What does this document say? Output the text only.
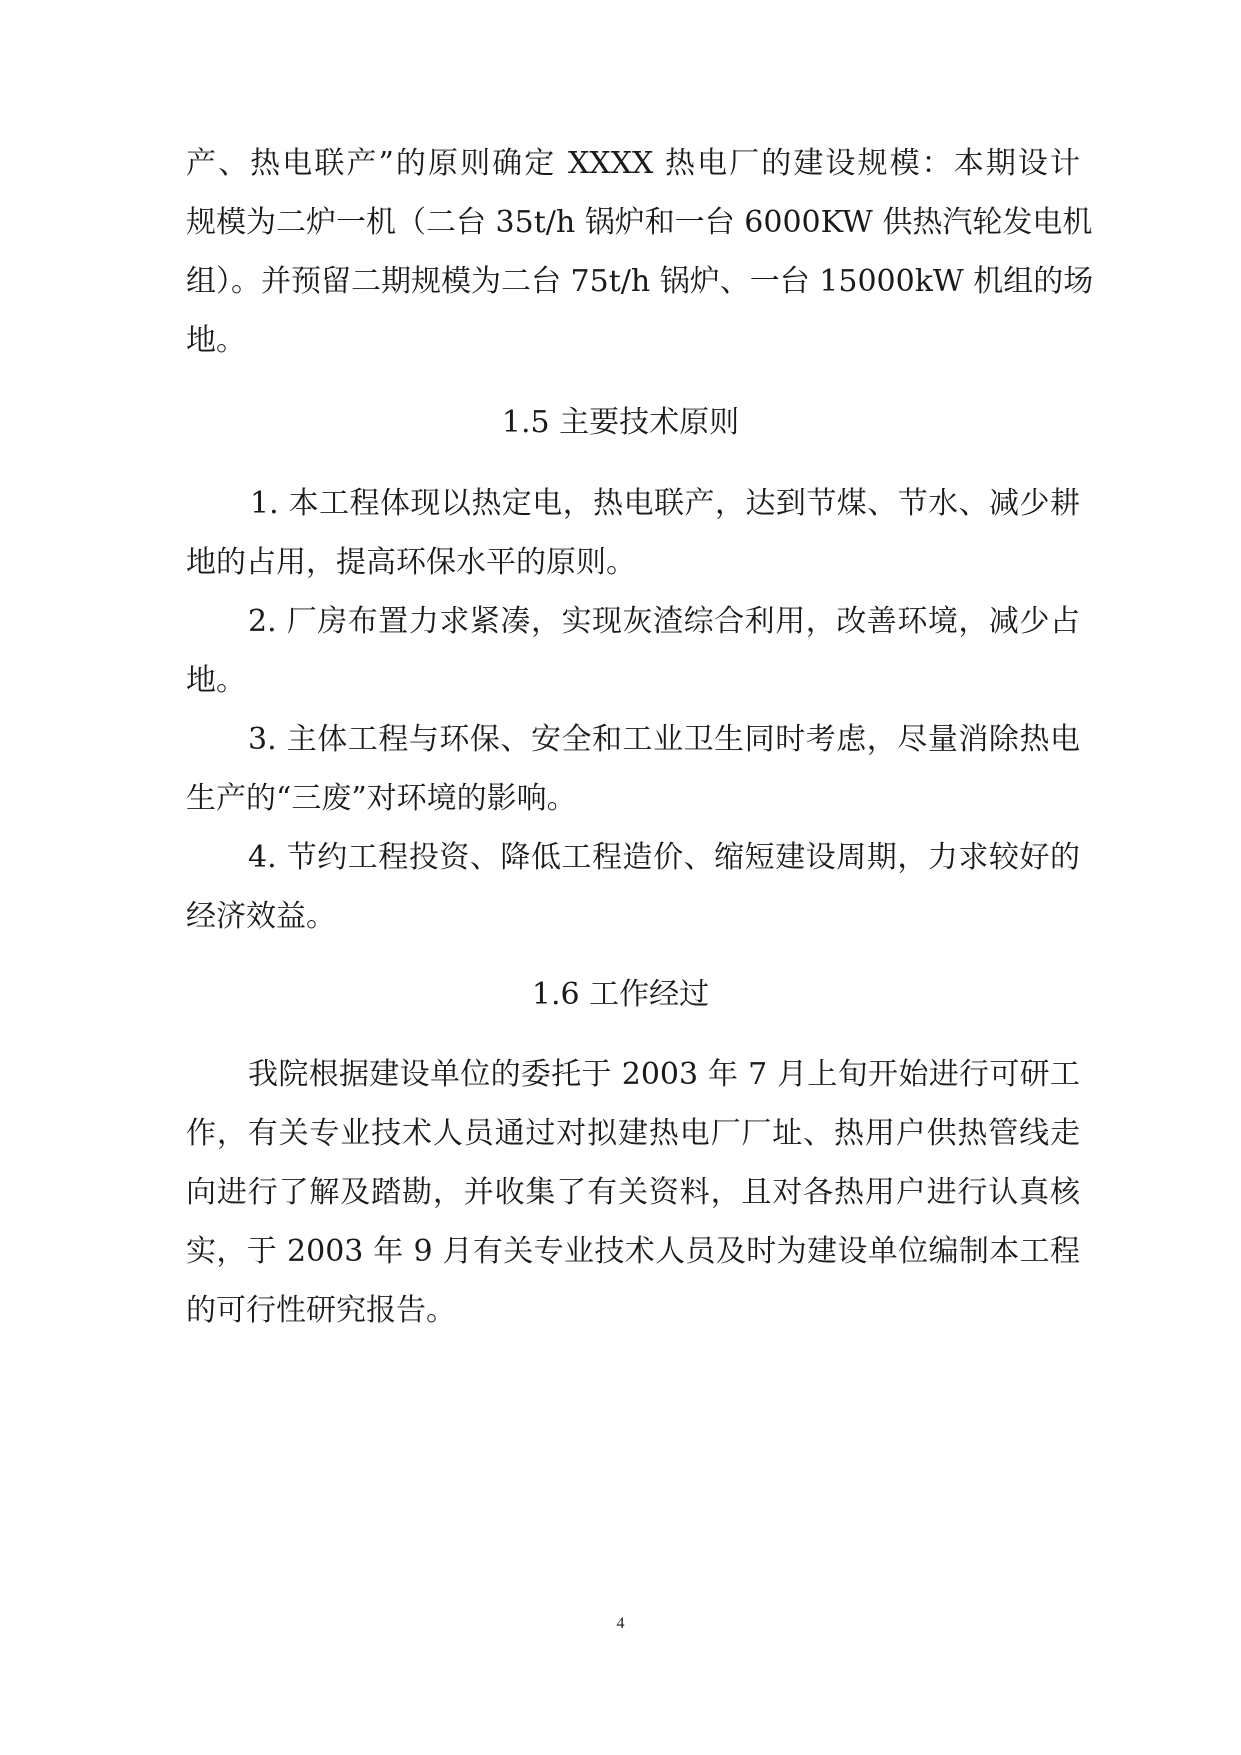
产、热电联产”的原则确定 XXXX 热电厂的建设规模：本期设计
规模为二炉一机（二台 35t/h 锅炉和一台 6000KW 供热汽轮发电机
组）。并预留二期规模为二台 75t/h 锅炉、一台 15000kW 机组的场
地。
1.5 主要技术原则
1. 本工程体现以热定电，热电联产，达到节煤、节水、减少耕
地的占用，提高环保水平的原则。
2. 厂房布置力求紧凑，实现灰渣综合利用，改善环境，减少占
地。
3. 主体工程与环保、安全和工业卫生同时考虑，尽量消除热电
生产的“三废”对环境的影响。
4. 节约工程投资、降低工程造价、缩短建设周期，力求较好的
经济效益。
1.6 工作经过
我院根据建设单位的委托于 2003 年 7 月上旬开始进行可研工
作，有关专业技术人员通过对拟建热电厂厂址、热用户供热管线走
向进行了解及踏勘，并收集了有关资料，且对各热用户进行认真核
实，于 2003 年 9 月有关专业技术人员及时为建设单位编制本工程
的可行性研究报告。
4
